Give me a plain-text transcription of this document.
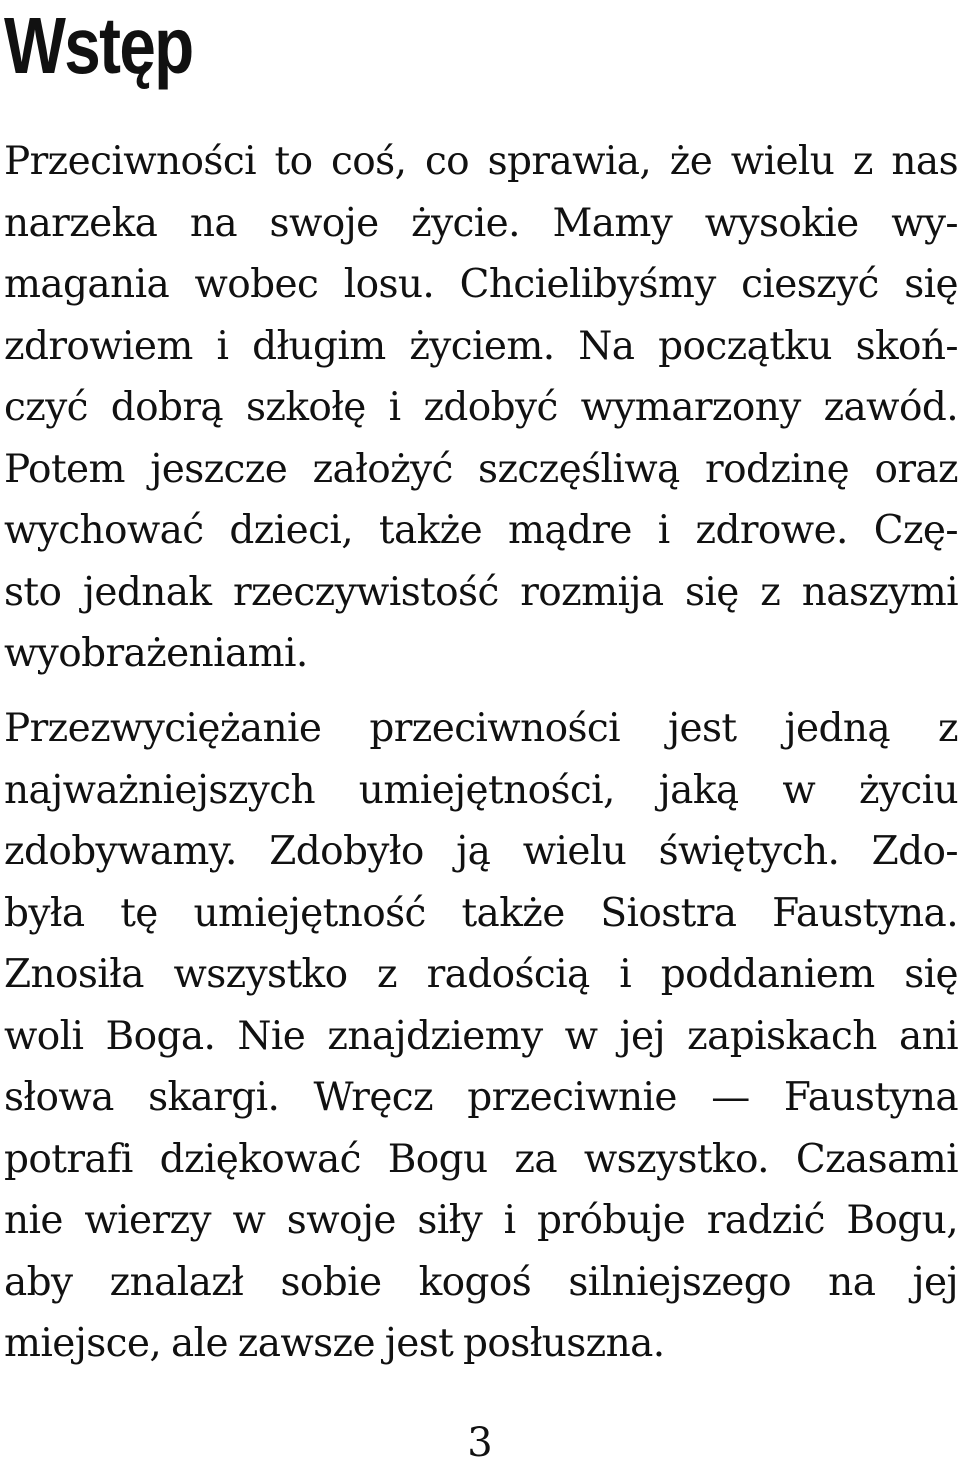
Wstęp
Przeciwności to coś, co sprawia, że wielu z nas
narzeka na swoje życie. Mamy wysokie wy-
magania wobec losu. Chcielibyśmy cieszyć się
zdrowiem i długim życiem. Na początku skoń-
czyć dobrą szkołę i zdobyć wymarzony zawód.
Potem jeszcze założyć szczęśliwą rodzinę oraz
wychować dzieci, także mądre i zdrowe. Czę-
sto jednak rzeczywistość rozmija się z naszymi
wyobrażeniami.
Przezwyciężanie przeciwności jest jedną z
najważniejszych umiejętności, jaką w życiu
zdobywamy. Zdobyło ją wielu świętych. Zdo-
była tę umiejętność także Siostra Faustyna.
Znosiła wszystko z radością i poddaniem się
woli Boga. Nie znajdziemy w jej zapiskach ani
słowa skargi. Wręcz przeciwnie — Faustyna
potrafi dziękować Bogu za wszystko. Czasami
nie wierzy w swoje siły i próbuje radzić Bogu,
aby znalazł sobie kogoś silniejszego na jej
miejsce, ale zawsze jest posłuszna.
3
